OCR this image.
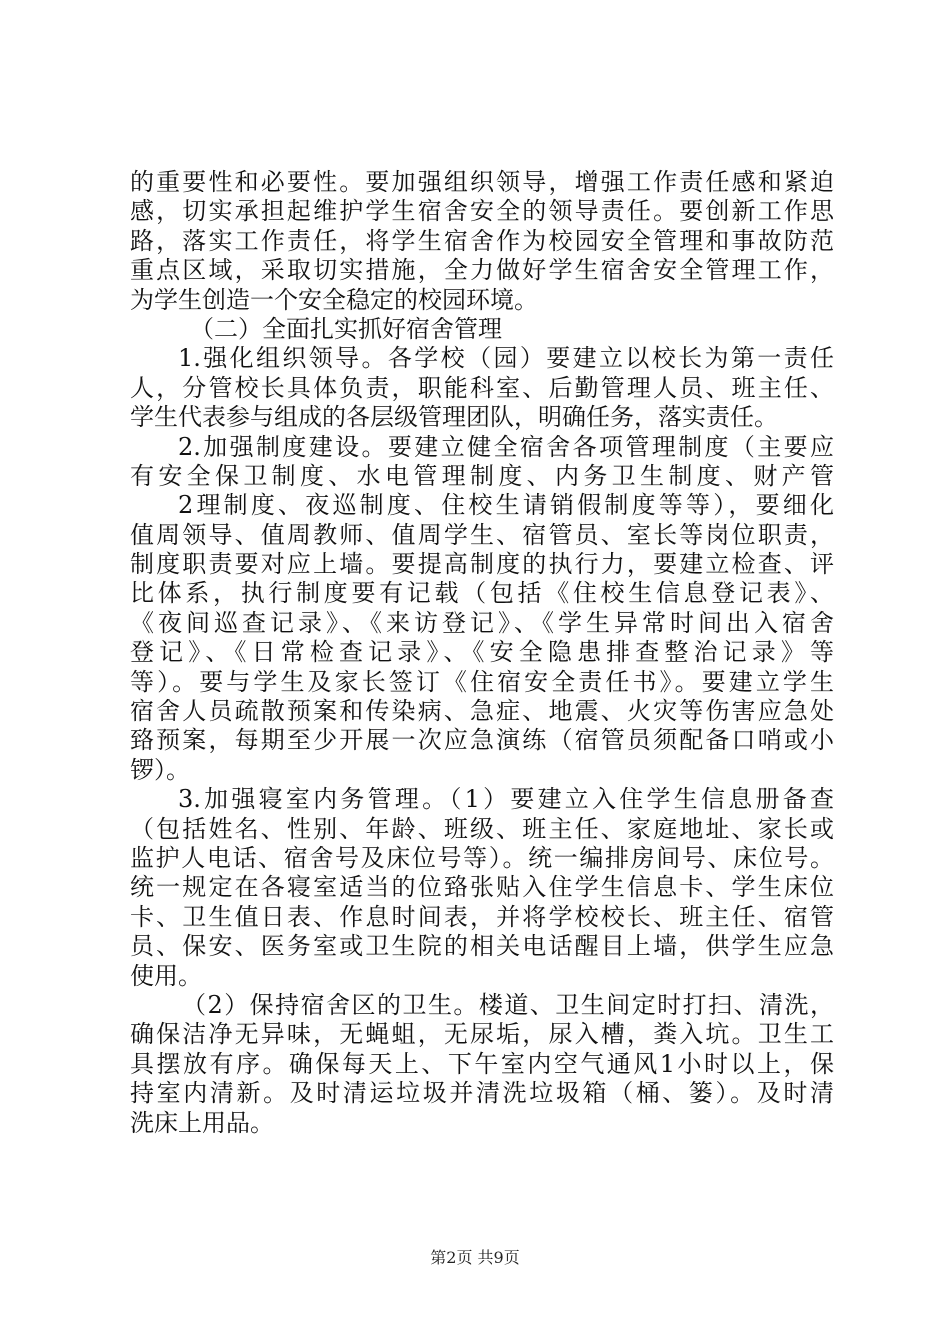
的重要性和必要性。要加强组织领导，增强工作责任感和紧迫
感，切实承担起维护学生宿舍安全的领导责任。要创新工作思
路，落实工作责任，将学生宿舍作为校园安全管理和事故防范
重点区域，采取切实措施，全力做好学生宿舍安全管理工作，
为学生创造一个安全稳定的校园环境。
（二）全面扎实抓好宿舍管理
1.强化组织领导。各学校（园）要建立以校长为第一责任
人，分管校长具体负责，职能科室、后勤管理人员、班主任、
学生代表参与组成的各层级管理团队，明确任务，落实责任。
2.加强制度建设。要建立健全宿舍各项管理制度（主要应
有安全保卫制度、水电管理制度、内务卫生制度、财产管
2理制度、夜巡制度、住校生请销假制度等等），要细化
值周领导、值周教师、值周学生、宿管员、室长等岗位职责，
制度职责要对应上墙。要提高制度的执行力，要建立检查、评
比体系，执行制度要有记载（包括《住校生信息登记表》、
《夜间巡查记录》、《来访登记》、《学生异常时间出入宿舍
登记》、《日常检查记录》、《安全隐患排查整治记录》等
等）。要与学生及家长签订《住宿安全责任书》。要建立学生
宿舍人员疏散预案和传染病、急症、地震、火灾等伤害应急处
臵预案，每期至少开展一次应急演练（宿管员须配备口哨或小
锣）。
3.加强寝室内务管理。（1）要建立入住学生信息册备查
（包括姓名、性别、年龄、班级、班主任、家庭地址、家长或
监护人电话、宿舍号及床位号等）。统一编排房间号、床位号。
统一规定在各寝室适当的位臵张贴入住学生信息卡、学生床位
卡、卫生值日表、作息时间表，并将学校校长、班主任、宿管
员、保安、医务室或卫生院的相关电话醒目上墙，供学生应急
使用。
（2）保持宿舍区的卫生。楼道、卫生间定时打扫、清洗，
确保洁净无异味，无蝇蛆，无尿垢，尿入槽，粪入坑。卫生工
具摆放有序。确保每天上、下午室内空气通风1小时以上，保
持室内清新。及时清运垃圾并清洗垃圾箱（桶、篓）。及时清
洗床上用品。
第2页 共9页
